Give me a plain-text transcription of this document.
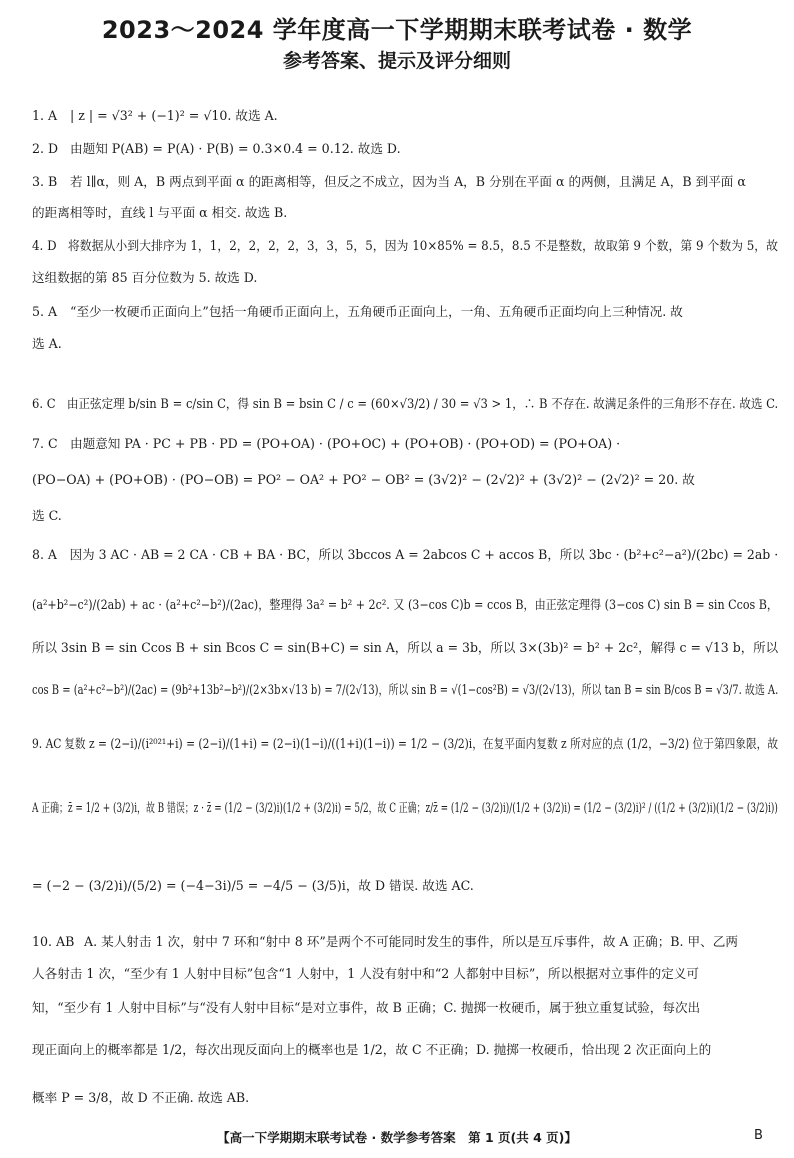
2023～2024 学年度高一下学期期末联考试卷 · 数学
参考答案、提示及评分细则
1. A | z | = √3² + (−1)² = √10. 故选 A.
2. D 由题知 P(AB) = P(A) · P(B) = 0.3×0.4 = 0.12. 故选 D.
3. B 若 l∥α，则 A，B 两点到平面 α 的距离相等，但反之不成立，因为当 A，B 分别在平面 α 的两侧，且满足 A，B 到平面 α
的距离相等时，直线 l 与平面 α 相交. 故选 B.
4. D 将数据从小到大排序为 1，1，2，2，2，2，3，3，5，5，因为 10×85% = 8.5，8.5 不是整数，故取第 9 个数，第 9 个数为 5，故
这组数据的第 85 百分位数为 5. 故选 D.
5. A “至少一枚硬币正面向上”包括一角硬币正面向上，五角硬币正面向上，一角、五角硬币正面均向上三种情况. 故
选 A.
6. C 由正弦定理 b/sin B = c/sin C，得 sin B = bsin C / c = (60×√3/2) / 30 = √3 > 1，∴ B 不存在. 故满足条件的三角形不存在. 故选 C.
7. C 由题意知 PA · PC + PB · PD = (PO+OA) · (PO+OC) + (PO+OB) · (PO+OD) = (PO+OA) ·
(PO−OA) + (PO+OB) · (PO−OB) = PO² − OA² + PO² − OB² = (3√2)² − (2√2)² + (3√2)² − (2√2)² = 20. 故
选 C.
8. A 因为 3 AC · AB = 2 CA · CB + BA · BC，所以 3bccos A = 2abcos C + accos B，所以 3bc · (b²+c²−a²)/(2bc) = 2ab ·
(a²+b²−c²)/(2ab) + ac · (a²+c²−b²)/(2ac)，整理得 3a² = b² + 2c². 又 (3−cos C)b = ccos B，由正弦定理得 (3−cos C) sin B = sin Ccos B，
所以 3sin B = sin Ccos B + sin Bcos C = sin(B+C) = sin A，所以 a = 3b，所以 3×(3b)² = b² + 2c²，解得 c = √13 b，所以
cos B = (a²+c²−b²)/(2ac) = (9b²+13b²−b²)/(2×3b×√13 b) = 7/(2√13)，所以 sin B = √(1−cos²B) = √3/(2√13)，所以 tan B = sin B/cos B = √3/7. 故选 A.
9. AC 复数 z = (2−i)/(i²⁰²¹+i) = (2−i)/(1+i) = (2−i)(1−i)/((1+i)(1−i)) = 1/2 − (3/2)i，在复平面内复数 z 所对应的点 (1/2，−3/2) 位于第四象限，故
A 正确；z̄ = 1/2 + (3/2)i，故 B 错误；z · z̄ = (1/2 − (3/2)i)(1/2 + (3/2)i) = 5/2，故 C 正确；z/z̄ = (1/2 − (3/2)i)/(1/2 + (3/2)i) = (1/2 − (3/2)i)² / ((1/2 + (3/2)i)(1/2 − (3/2)i))
= (−2 − (3/2)i)/(5/2) = (−4−3i)/5 = −4/5 − (3/5)i，故 D 错误. 故选 AC.
10. AB A. 某人射击 1 次，射中 7 环和“射中 8 环”是两个不可能同时发生的事件，所以是互斥事件，故 A 正确；B. 甲、乙两
人各射击 1 次，“至少有 1 人射中目标”包含“1 人射中，1 人没有射中和“2 人都射中目标”，所以根据对立事件的定义可
知，“至少有 1 人射中目标”与“没有人射中目标“是对立事件，故 B 正确；C. 抛掷一枚硬币，属于独立重复试验，每次出
现正面向上的概率都是 1/2，每次出现反面向上的概率也是 1/2，故 C 不正确；D. 抛掷一枚硬币，恰出现 2 次正面向上的
概率 P = 3/8，故 D 不正确. 故选 AB.
【高一下学期期末联考试卷 · 数学参考答案　第 1 页(共 4 页)】	B
